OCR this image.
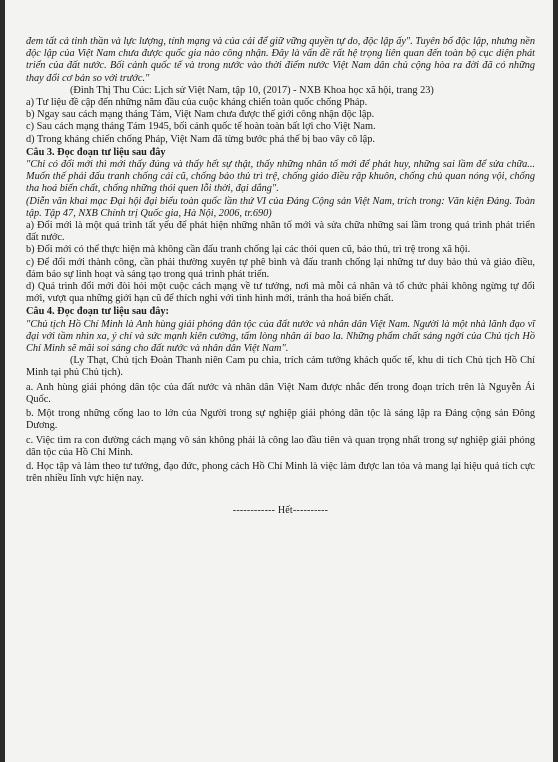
đem tất cả tinh thần và lực lượng, tính mạng và của cải để giữ vững quyền tự do, độc lập ấy". Tuyên bố độc lập, nhưng nền độc lập của Việt Nam chưa được quốc gia nào công nhận. Đây là vấn đề rất hệ trọng liên quan đến toàn bộ cục diện phát triển của đất nước. Bối cảnh quốc tế và trong nước vào thời điểm nước Việt Nam dân chủ cộng hòa ra đời đã có những thay đổi cơ bản so với trước."

(Đinh Thị Thu Cúc: Lịch sử Việt Nam, tập 10, (2017) - NXB Khoa học xã hội, trang 23)

a) Tư liệu đề cập đến những năm đầu của cuộc kháng chiến toàn quốc chống Pháp.

b) Ngay sau cách mạng tháng Tám, Việt Nam chưa được thế giới công nhận độc lập.

c) Sau cách mạng tháng Tám 1945, bối cảnh quốc tế hoàn toàn bất lợi cho Việt Nam.

d) Trong kháng chiến chống Pháp, Việt Nam đã từng bước phá thế bị bao vây cô lập.

Câu 3. Đọc đoạn tư liệu sau đây

"Chỉ có đổi mới thì mới thấy đúng và thấy hết sự thật, thấy những nhân tố mới để phát huy, những sai lầm để sửa chữa... Muốn thế phải đấu tranh chống cái cũ, chống bảo thủ trì trệ, chống giáo điều rập khuôn, chống chủ quan nóng vội, chống tha hoá biến chất, chống những thói quen lỗi thời, đại dắng".

(Diễn văn khai mạc Đại hội đại biểu toàn quốc lần thứ VI của Đảng Cộng sản Việt Nam, trích trong: Văn kiện Đảng. Toàn tập. Tập 47, NXB Chính trị Quốc gia, Hà Nội, 2006, tr.690)

a) Đổi mới là một quá trình tất yếu để phát hiện những nhân tố mới và sửa chữa những sai lầm trong quá trình phát triển đất nước.

b) Đổi mới có thể thực hiện mà không cần đấu tranh chống lại các thói quen cũ, bảo thủ, trì trệ trong xã hội.

c) Để đổi mới thành công, cần phải thường xuyên tự phê bình và đấu tranh chống lại những tư duy bảo thủ và giáo điều, đảm bảo sự linh hoạt và sáng tạo trong quá trình phát triển.

d) Quá trình đổi mới đòi hỏi một cuộc cách mạng về tư tưởng, nơi mà mỗi cá nhân và tổ chức phải không ngừng tự đổi mới, vượt qua những giới hạn cũ để thích nghi với tình hình mới, tránh tha hoá biến chất.

Câu 4. Đọc đoạn tư liệu sau đây:

"Chủ tịch Hồ Chí Minh là Anh hùng giải phóng dân tộc của đất nước và nhân dân Việt Nam. Người là một nhà lãnh đạo vĩ đại với tầm nhìn xa, ý chí và sức mạnh kiên cường, tấm lòng nhân ái bao la. Những phẩm chất sáng ngời của Chủ tịch Hồ Chí Minh sẽ mãi soi sáng cho đất nước và nhân dân Việt Nam".

(Ly Thạt, Chủ tịch Đoàn Thanh niên Cam pu chia, trích cảm tưởng khách quốc tế, khu di tích Chủ tịch Hồ Chí Minh tại phủ Chủ tịch).

a. Anh hùng giải phóng dân tộc của đất nước và nhân dân Việt Nam được nhắc đến trong đoạn trích trên là Nguyễn Ái Quốc.

b. Một trong những cống lao to lớn của Người trong sự nghiệp giải phóng dân tộc là sáng lập ra Đảng cộng sản Đông Dương.

c. Việc tìm ra con đường cách mạng vô sản không phải là công lao đầu tiên và quan trọng nhất trong sự nghiệp giải phóng dân tộc của Hồ Chí Minh.

d. Học tập và làm theo tư tưởng, đạo đức, phong cách Hồ Chí Minh là việc làm được lan tỏa và mang lại hiệu quả tích cực trên nhiều lĩnh vực hiện nay.

------------ Hết----------
